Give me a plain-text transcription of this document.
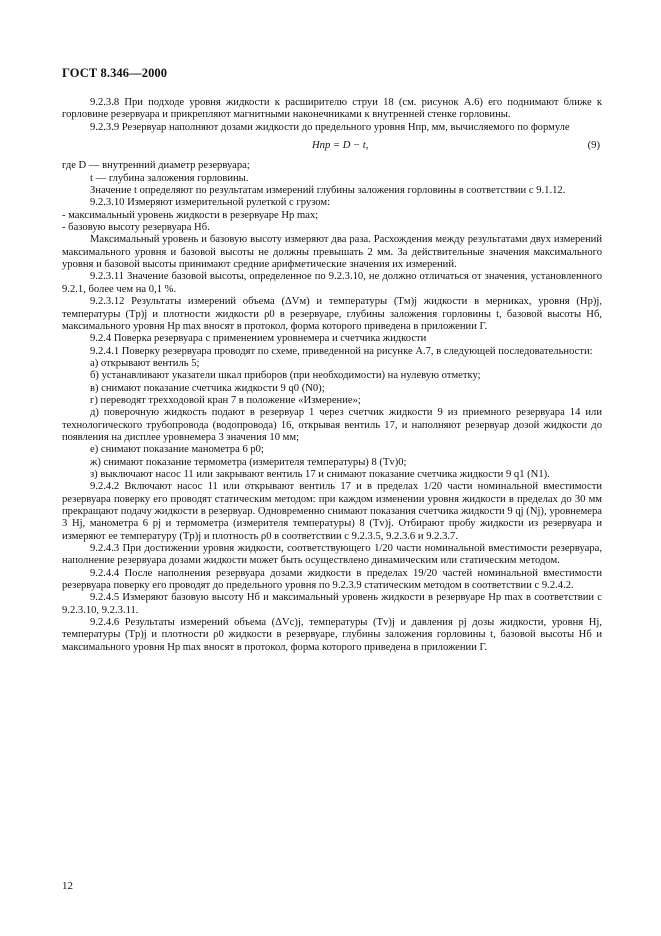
ГОСТ 8.346—2000

9.2.3.8 При подходе уровня жидкости к расширителю струи 18 (см. рисунок А.6) его поднимают ближе к горловине резервуара и прикрепляют магнитными наконечниками к внутренней стенке горловины.

9.2.3.9 Резервуар наполняют дозами жидкости до предельного уровня Hпр, мм, вычисляемого по формуле

Hпр = D − t,	(9)

где D — внутренний диаметр резервуара;

t — глубина заложения горловины.

Значение t определяют по результатам измерений глубины заложения горловины в соответствии с 9.1.12.

9.2.3.10 Измеряют измерительной рулеткой с грузом:

- максимальный уровень жидкости в резервуаре Hp max;

- базовую высоту резервуара Hб.

Максимальный уровень и базовую высоту измеряют два раза. Расхождения между результатами двух измерений максимального уровня и базовой высоты не должны превышать 2 мм. За действительные значения максимального уровня и базовой высоты принимают средние арифметические значения их измерений.

9.2.3.11 Значение базовой высоты, определенное по 9.2.3.10, не должно отличаться от значения, установленного 9.2.1, более чем на 0,1 %.

9.2.3.12 Результаты измерений объема (ΔVм) и температуры (Tм)j жидкости в мерниках, уровня (Hp)j, температуры (Tp)j и плотности жидкости ρ0 в резервуаре, глубины заложения горловины t, базовой высоты Hб, максимального уровня Hp max вносят в протокол, форма которого приведена в приложении Г.

9.2.4 Поверка резервуара с применением уровнемера и счетчика жидкости

9.2.4.1 Поверку резервуара проводят по схеме, приведенной на рисунке А.7, в следующей последовательности:

а) открывают вентиль 5;

б) устанавливают указатели шкал приборов (при необходимости) на нулевую отметку;

в) снимают показание счетчика жидкости 9 q0 (N0);

г) переводят трехходовой кран 7 в положение «Измерение»;

д) поверочную жидкость подают в резервуар 1 через счетчик жидкости 9 из приемного резервуара 14 или технологического трубопровода (водопровода) 16, открывая вентиль 17, и наполняют резервуар дозой жидкости до появления на дисплее уровнемера 3 значения 10 мм;

е) снимают показание манометра 6 p0;

ж) снимают показание термометра (измерителя температуры) 8 (Tv)0;

з) выключают насос 11 или закрывают вентиль 17 и снимают показание счетчика жидкости 9 q1 (N1).

9.2.4.2 Включают насос 11 или открывают вентиль 17 и в пределах 1/20 части номинальной вместимости резервуара поверку его проводят статическим методом: при каждом изменении уровня жидкости в пределах до 30 мм прекращают подачу жидкости в резервуар. Одновременно снимают показания счетчика жидкости 9 qj (Nj), уровнемера 3 Hj, манометра 6 pj и термометра (измерителя температуры) 8 (Tv)j. Отбирают пробу жидкости из резервуара и измеряют ее температуру (Tp)j и плотность ρ0 в соответствии с 9.2.3.5, 9.2.3.6 и 9.2.3.7.

9.2.4.3 При достижении уровня жидкости, соответствующего 1/20 части номинальной вместимости резервуара, наполнение резервуара дозами жидкости может быть осуществлено динамическим или статическим методом.

9.2.4.4 После наполнения резервуара дозами жидкости в пределах 19/20 частей номинальной вместимости резервуара поверку его проводят до предельного уровня по 9.2.3.9 статическим методом в соответствии с 9.2.4.2.

9.2.4.5 Измеряют базовую высоту Hб и максимальный уровень жидкости в резервуаре Hp max в соответствии с 9.2.3.10, 9.2.3.11.

9.2.4.6 Результаты измерений объема (ΔVc)j, температуры (Tv)j и давления pj дозы жидкости, уровня Hj, температуры (Tp)j и плотности ρ0 жидкости в резервуаре, глубины заложения горловины t, базовой высоты Hб и максимального уровня Hp max вносят в протокол, форма которого приведена в приложении Г.

12
